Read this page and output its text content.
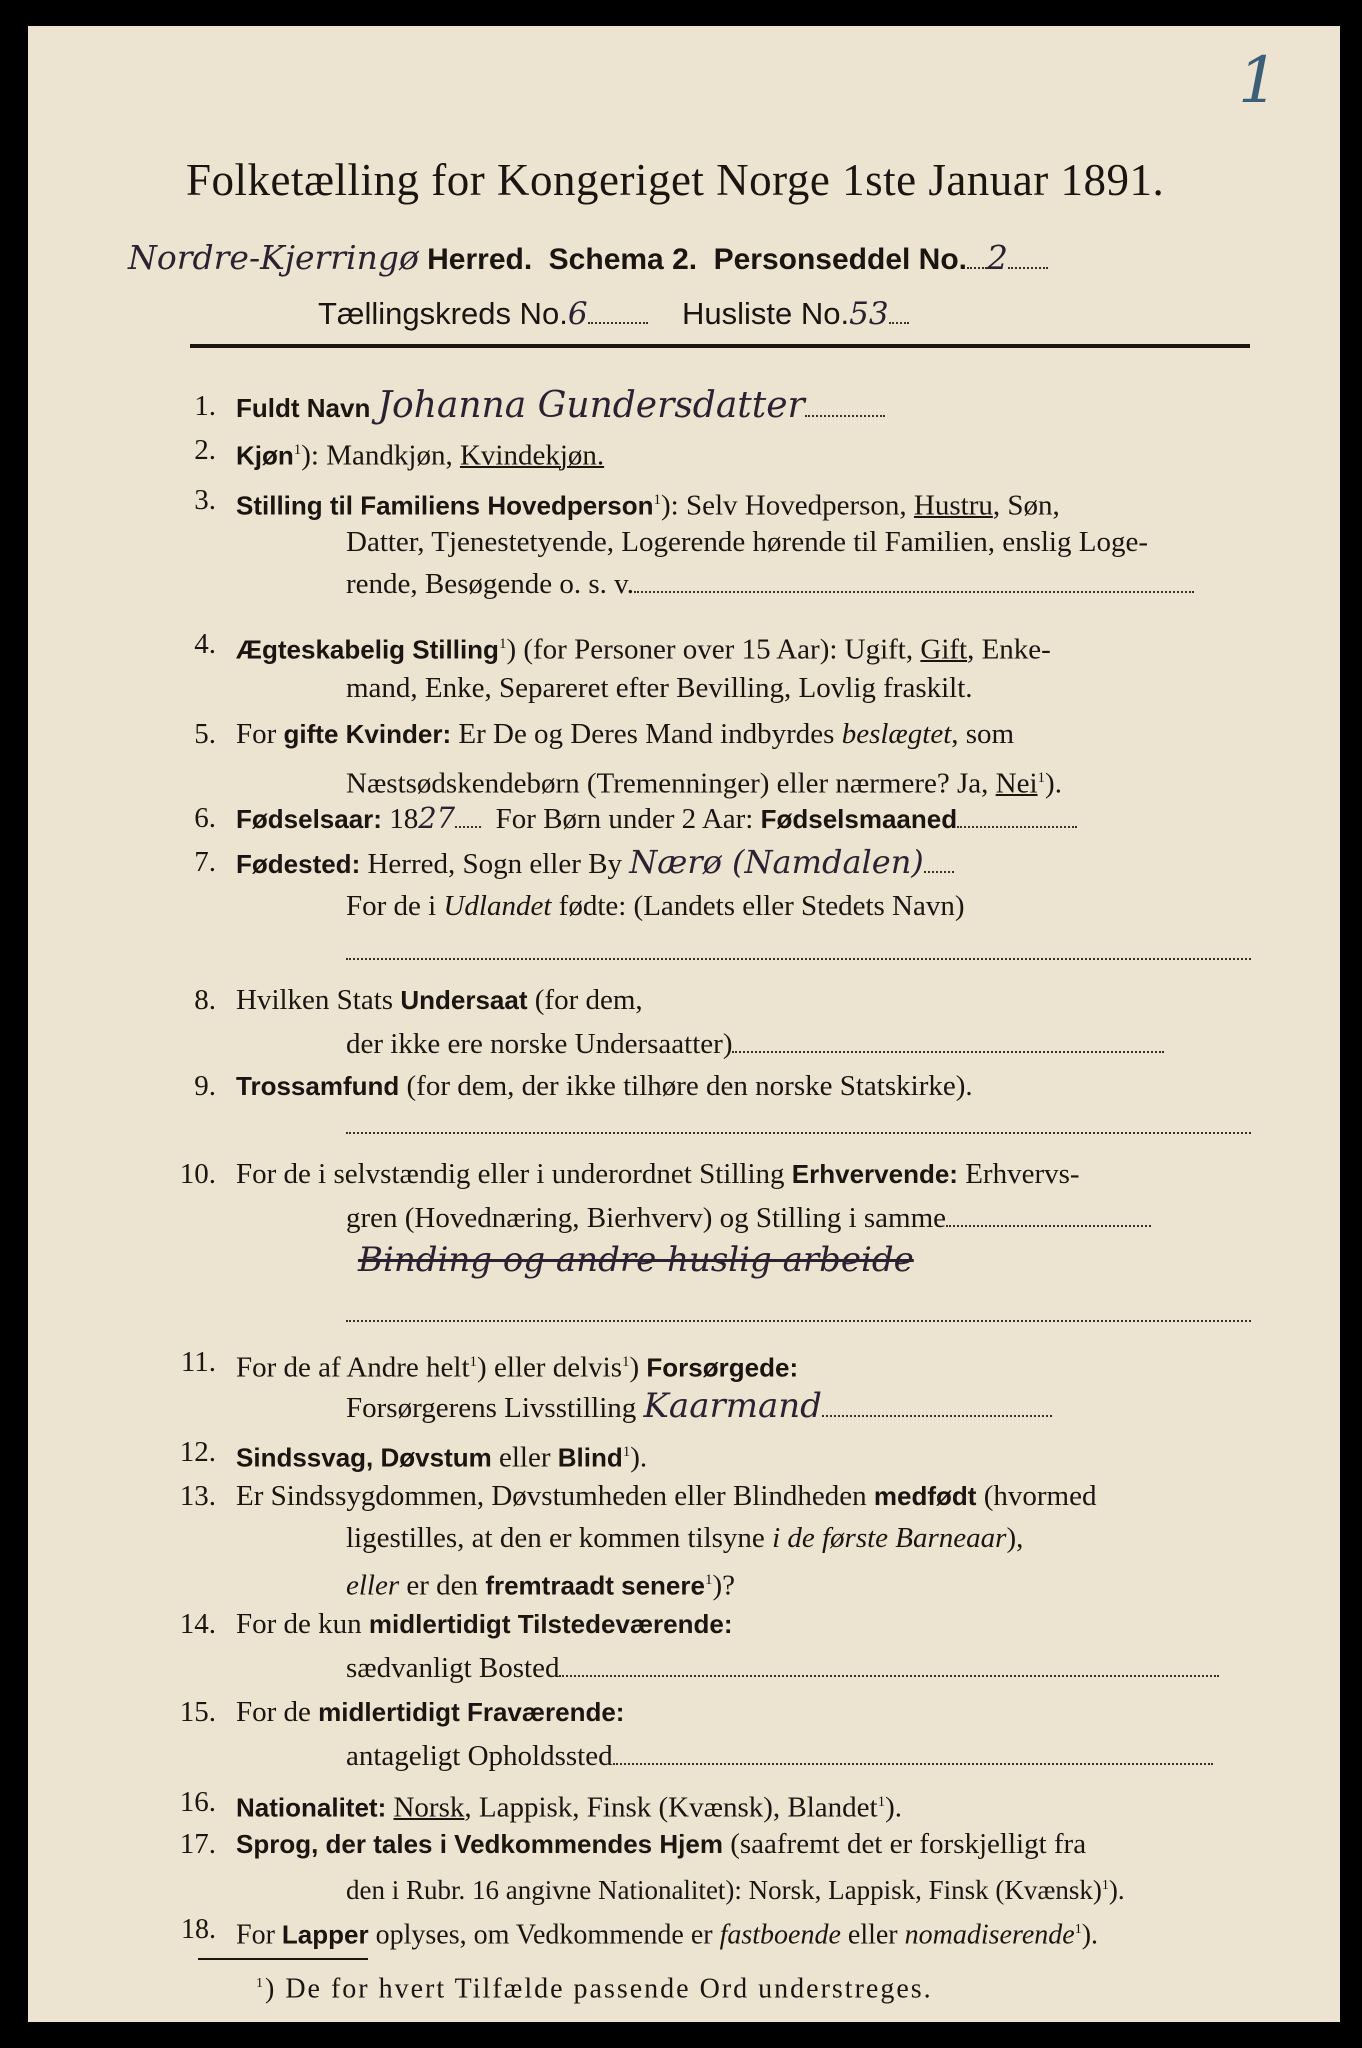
1
Folketælling for Kongeriget Norge 1ste Januar 1891.
Nordre-Kjerringø Herred. Schema 2. Personseddel No. 2
Tællingskreds No.6	Husliste No.53
1. Fuldt Navn Johanna Gundersdatter
2. Kjøn$^1$): Mandkjøn, Kvindekjøn.
3. Stilling til Familiens Hovedperson$^1$): Selv Hovedperson, Hustru, Søn,
Datter, Tjenestetyende, Logerende hørende til Familien, enslig Loge-
rende, Besøgende o. s. v.
4. Ægteskabelig Stilling$^1$) (for Personer over 15 Aar): Ugift, Gift, Enke-
mand, Enke, Separeret efter Bevilling, Lovlig fraskilt.
5. For gifte Kvinder: Er De og Deres Mand indbyrdes beslægtet, som
Næstsødskendebørn (Tremenninger) eller nærmere? Ja, Nei$^1$).
6. Fødselsaar: 1827 For Børn under 2 Aar: Fødselsmaaned
7. Fødested: Herred, Sogn eller By Nærø (Namdalen)
For de i Udlandet fødte: (Landets eller Stedets Navn)
8. Hvilken Stats Undersaat (for dem,
der ikke ere norske Undersaatter)
9. Trossamfund (for dem, der ikke tilhøre den norske Statskirke).
10. For de i selvstændig eller i underordnet Stilling Erhvervende: Erhvervs-
gren (Hovednæring, Bierhverv) og Stilling i samme
Binding og andre huslig arbeide
11. For de af Andre helt$^1$) eller delvis$^1$) Forsørgede:
Forsørgerens Livsstilling Kaarmand
12. Sindssvag, Døvstum eller Blind$^1$).
13. Er Sindssygdommen, Døvstumheden eller Blindheden medfødt (hvormed
ligestilles, at den er kommen tilsyne i de første Barneaar),
eller er den fremtraadt senere$^1$)?
14. For de kun midlertidigt Tilstedeværende:
sædvanligt Bosted
15. For de midlertidigt Fraværende:
antageligt Opholdssted
16. Nationalitet: Norsk, Lappisk, Finsk (Kvænsk), Blandet$^1$).
17. Sprog, der tales i Vedkommendes Hjem (saafremt det er forskjelligt fra
den i Rubr. 16 angivne Nationalitet): Norsk, Lappisk, Finsk (Kvænsk)$^1$).
18. For Lapper oplyses, om Vedkommende er fastboende eller nomadiserende$^1$).
$^1$) De for hvert Tilfælde passende Ord understreges.
